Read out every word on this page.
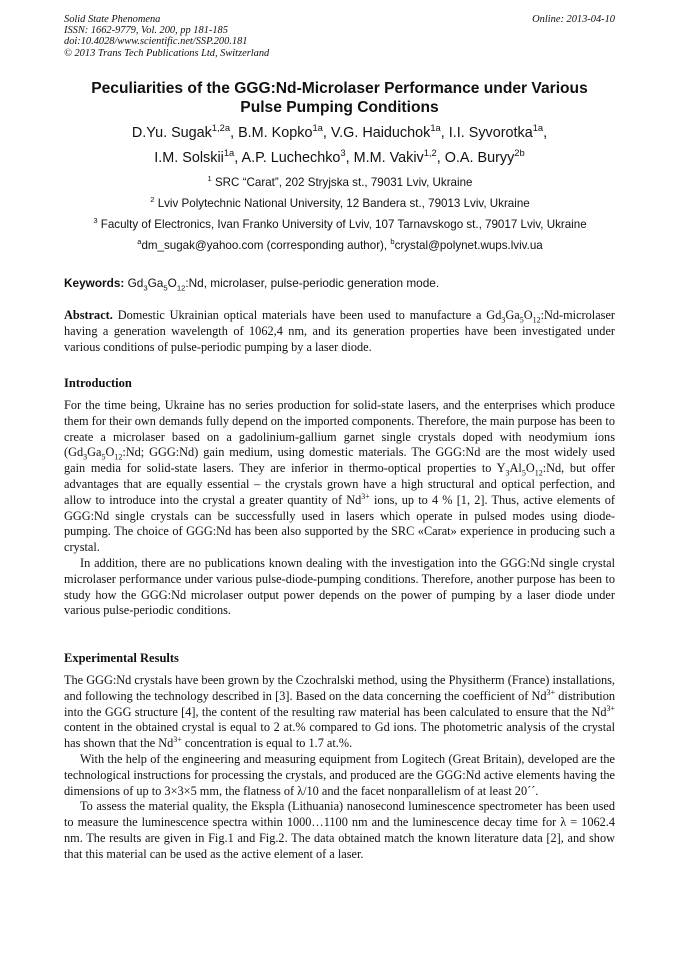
Solid State Phenomena
ISSN: 1662-9779, Vol. 200, pp 181-185
doi:10.4028/www.scientific.net/SSP.200.181
© 2013 Trans Tech Publications Ltd, Switzerland
Online: 2013-04-10
Peculiarities of the GGG:Nd-Microlaser Performance under Various
Pulse Pumping Conditions
D.Yu. Sugak$^{1,2a}$, B.M. Kopko$^{1a}$, V.G. Haiduchok$^{1a}$, I.I. Syvorotka$^{1a}$,
I.M. Solskii$^{1a}$, A.P. Luchechko$^3$, M.M. Vakiv$^{1,2}$, O.A. Buryy$^{2b}$
$^1$ SRC “Carat”, 202 Stryjska st., 79031 Lviv, Ukraine
$^2$ Lviv Polytechnic National University, 12 Bandera st., 79013 Lviv, Ukraine
$^3$ Faculty of Electronics, Ivan Franko University of Lviv, 107 Tarnavskogo st., 79017 Lviv, Ukraine
$^a$dm_sugak@yahoo.com (corresponding author), $^b$crystal@polynet.wups.lviv.ua
Keywords: $Gd_3Ga_5O_{12}:Nd$, microlaser, pulse-periodic generation mode.

Abstract. Domestic Ukrainian optical materials have been used to manufacture a $Gd_3Ga_5O_{12}:Nd$-microlaser having a generation wavelength of 1062,4 nm, and its generation properties have been investigated under various conditions of pulse-periodic pumping by a laser diode.

Introduction

For the time being, Ukraine has no series production for solid-state lasers, and the enterprises which produce them for their own demands fully depend on the imported components. Therefore, the main purpose has been to create a microlaser based on a gadolinium-gallium garnet single crystals doped with neodymium ions ($Gd_3Ga_5O_{12}:Nd$; GGG:Nd) gain medium, using domestic materials. The GGG:Nd are the most widely used gain media for solid-state lasers. They are inferior in thermo-optical properties to $Y_3Al_5O_{12}:Nd$, but offer advantages that are equally essential – the crystals grown have a high structural and optical perfection, and allow to introduce into the crystal a greater quantity of $Nd^{3+}$ ions, up to 4 % [1, 2]. Thus, active elements of GGG:Nd single crystals can be successfully used in lasers which operate in pulsed modes using diode-pumping. The choice of GGG:Nd has been also supported by the SRC «Carat» experience in producing such a crystal.

In addition, there are no publications known dealing with the investigation into the GGG:Nd single crystal microlaser performance under various pulse-diode-pumping conditions. Therefore, another purpose has been to study how the GGG:Nd microlaser output power depends on the power of pumping by a laser diode under various pulse-periodic conditions.

Experimental Results

The GGG:Nd crystals have been grown by the Czochralski method, using the Physitherm (France) installations, and following the technology described in [3]. Based on the data concerning the coefficient of $Nd^{3+}$ distribution into the GGG structure [4], the content of the resulting raw material has been calculated to ensure that the $Nd^{3+}$ content in the obtained crystal is equal to 2 at.% compared to Gd ions. The photometric analysis of the crystal has shown that the $Nd^{3+}$ concentration is equal to 1.7 at.%.

With the help of the engineering and measuring equipment from Logitech (Great Britain), developed are the technological instructions for processing the crystals, and produced are the GGG:Nd active elements having the dimensions of up to 3×3×5 mm, the flatness of λ/10 and the facet nonparallelism of at least 20´´.

To assess the material quality, the Ekspla (Lithuania) nanosecond luminescence spectrometer has been used to measure the luminescence spectra within 1000…1100 nm and the luminescence decay time for λ = 1062.4 nm. The results are given in Fig.1 and Fig.2. The data obtained match the known literature data [2], and show that this material can be used as the active element of a laser.
